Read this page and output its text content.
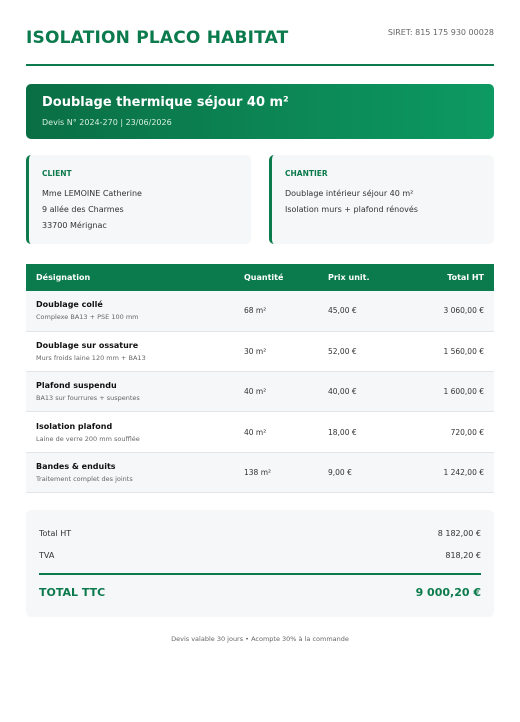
ISOLATION PLACO HABITAT	SIRET: 815 175 930 00028
Doublage thermique séjour 40 m²
Devis N° 2024-270 | 23/06/2026
CLIENT
Mme LEMOINE Catherine
9 allée des Charmes
33700 Mérignac
CHANTIER
Doublage intérieur séjour 40 m²
Isolation murs + plafond rénovés
Désignation	Quantité	Prix unit.	Total HT

Doublage collé
Complexe BA13 + PSE 100 mm	68 m²	45,00 €	3 060,00 €

Doublage sur ossature
Murs froids laine 120 mm + BA13	30 m²	52,00 €	1 560,00 €

Plafond suspendu
BA13 sur fourrures + suspentes	40 m²	40,00 €	1 600,00 €

Isolation plafond
Laine de verre 200 mm soufflée	40 m²	18,00 €	720,00 €

Bandes & enduits
Traitement complet des joints	138 m²	9,00 €	1 242,00 €
Total HT	8 182,00 €
TVA	818,20 €
TOTAL TTC	9 000,20 €
Devis valable 30 jours • Acompte 30% à la commande
